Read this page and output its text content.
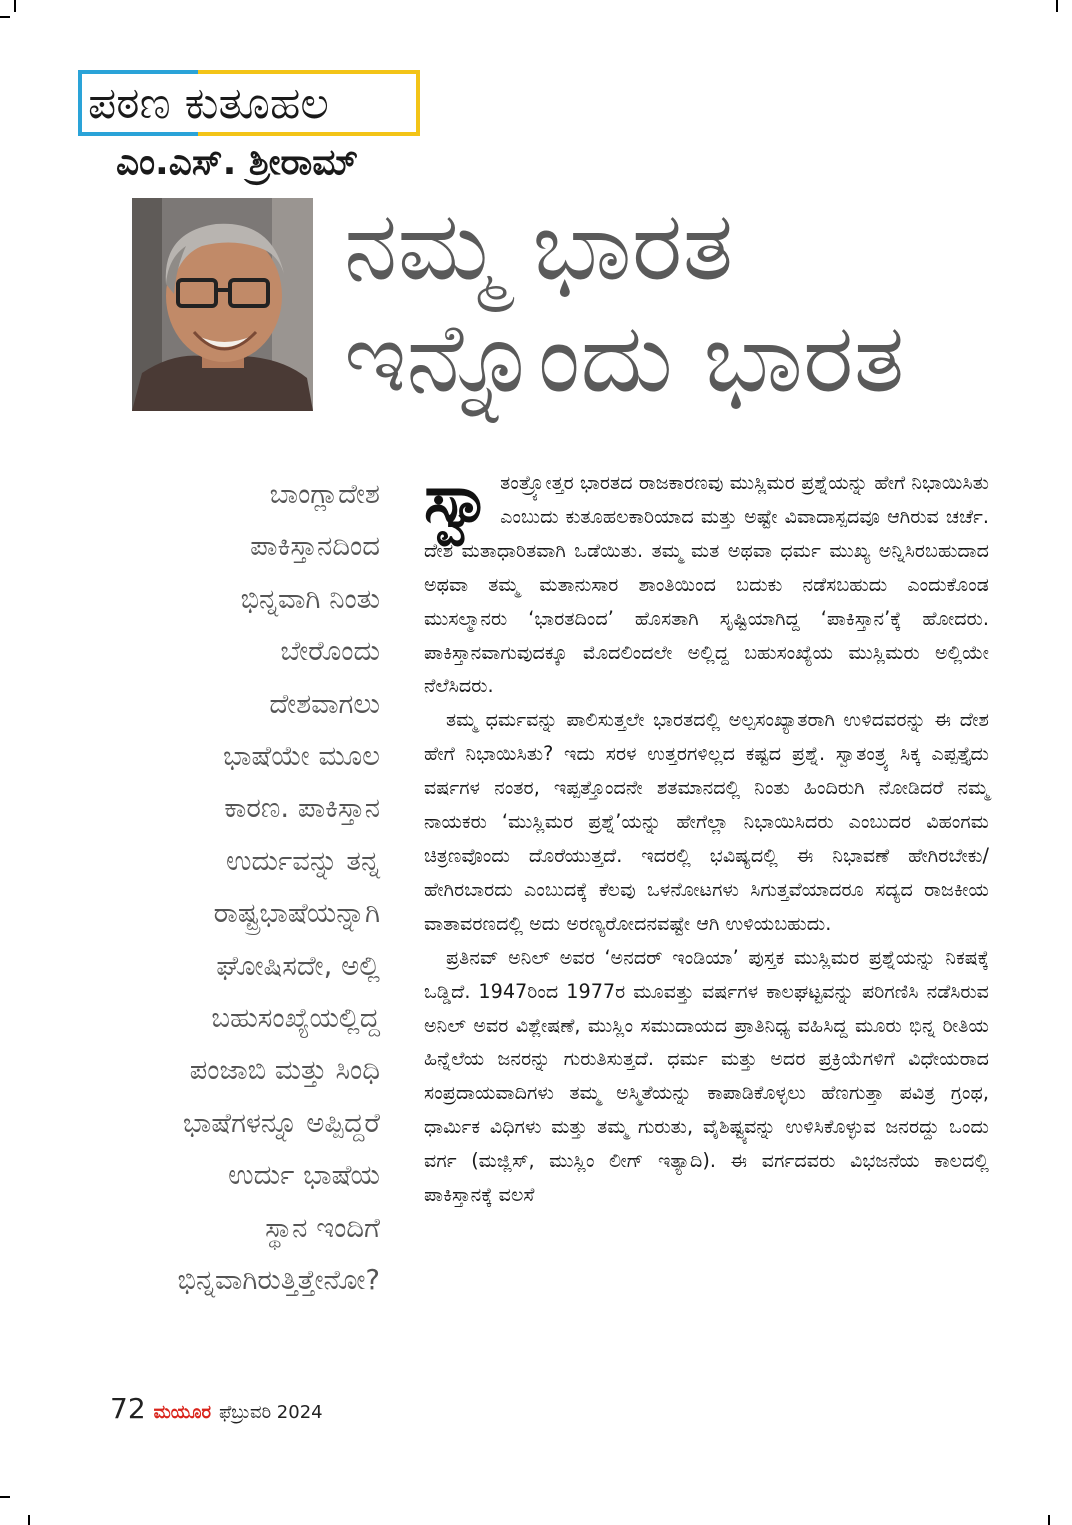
ಪಠಣ ಕುತೂಹಲ
ಎಂ.ಎಸ್. ಶ್ರೀರಾಮ್
ನಮ್ಮ ಭಾರತ
ಇನ್ನೊಂದು ಭಾರತ
ಬಾಂಗ್ಲಾದೇಶ
ಪಾಕಿಸ್ತಾನದಿಂದ
ಭಿನ್ನವಾಗಿ ನಿಂತು
ಬೇರೊಂದು
ದೇಶವಾಗಲು
ಭಾಷೆಯೇ ಮೂಲ
ಕಾರಣ. ಪಾಕಿಸ್ತಾನ
ಉರ್ದುವನ್ನು ತನ್ನ
ರಾಷ್ಟ್ರಭಾಷೆಯನ್ನಾಗಿ
ಘೋಷಿಸದೇ, ಅಲ್ಲಿ
ಬಹುಸಂಖ್ಯೆಯಲ್ಲಿದ್ದ
ಪಂಜಾಬಿ ಮತ್ತು ಸಿಂಧಿ
ಭಾಷೆಗಳನ್ನೂ ಅಪ್ಪಿದ್ದರೆ
ಉರ್ದು ಭಾಷೆಯ
ಸ್ಥಾನ ಇಂದಿಗೆ
ಭಿನ್ನವಾಗಿರುತ್ತಿತ್ತೇನೋ?

ಸ್ವಾ ತಂತ್ರ್ಯೋತ್ತರ ಭಾರತದ ರಾಜಕಾರಣವು ಮುಸ್ಲಿಮರ ಪ್ರಶ್ನೆಯನ್ನು ಹೇಗೆ ನಿಭಾಯಿಸಿತು ಎಂಬುದು ಕುತೂಹಲಕಾರಿಯಾದ ಮತ್ತು ಅಷ್ಟೇ ವಿವಾದಾಸ್ಪದವೂ ಆಗಿರುವ ಚರ್ಚೆ. ದೇಶ ಮತಾಧಾರಿತವಾಗಿ ಒಡೆಯಿತು. ತಮ್ಮ ಮತ ಅಥವಾ ಧರ್ಮ ಮುಖ್ಯ ಅನ್ನಿಸಿರಬಹುದಾದ ಅಥವಾ ತಮ್ಮ ಮತಾನುಸಾರ ಶಾಂತಿಯಿಂದ ಬದುಕು ನಡೆಸಬಹುದು ಎಂದುಕೊಂಡ ಮುಸಲ್ಮಾನರು ‘ಭಾರತದಿಂದ’ ಹೊಸತಾಗಿ ಸೃಷ್ಟಿಯಾಗಿದ್ದ ‘ಪಾಕಿಸ್ತಾನ’ಕ್ಕೆ ಹೋದರು. ಪಾಕಿಸ್ತಾನವಾಗುವುದಕ್ಕೂ ಮೊದಲಿಂದಲೇ ಅಲ್ಲಿದ್ದ ಬಹುಸಂಖ್ಯೆಯ ಮುಸ್ಲಿಮರು ಅಲ್ಲಿಯೇ ನೆಲೆಸಿದರು.

ತಮ್ಮ ಧರ್ಮವನ್ನು ಪಾಲಿಸುತ್ತಲೇ ಭಾರತದಲ್ಲಿ ಅಲ್ಪಸಂಖ್ಯಾತರಾಗಿ ಉಳಿದವರನ್ನು ಈ ದೇಶ ಹೇಗೆ ನಿಭಾಯಿಸಿತು? ಇದು ಸರಳ ಉತ್ತರಗಳಿಲ್ಲದ ಕಷ್ಟದ ಪ್ರಶ್ನೆ. ಸ್ವಾತಂತ್ರ್ಯ ಸಿಕ್ಕ ಎಪ್ಪತ್ತೈದು ವರ್ಷಗಳ ನಂತರ, ಇಪ್ಪತ್ತೊಂದನೇ ಶತಮಾನದಲ್ಲಿ ನಿಂತು ಹಿಂದಿರುಗಿ ನೋಡಿದರೆ ನಮ್ಮ ನಾಯಕರು ‘ಮುಸ್ಲಿಮರ ಪ್ರಶ್ನೆ’ಯನ್ನು ಹೇಗೆಲ್ಲಾ ನಿಭಾಯಿಸಿದರು ಎಂಬುದರ ವಿಹಂಗಮ ಚಿತ್ರಣವೊಂದು ದೊರೆಯುತ್ತದೆ. ಇದರಲ್ಲಿ ಭವಿಷ್ಯದಲ್ಲಿ ಈ ನಿಭಾವಣೆ ಹೇಗಿರಬೇಕು/ಹೇಗಿರಬಾರದು ಎಂಬುದಕ್ಕೆ ಕೆಲವು ಒಳನೋಟಗಳು ಸಿಗುತ್ತವೆಯಾದರೂ ಸದ್ಯದ ರಾಜಕೀಯ ವಾತಾವರಣದಲ್ಲಿ ಅದು ಅರಣ್ಯರೋದನವಷ್ಟೇ ಆಗಿ ಉಳಿಯಬಹುದು.

ಪ್ರತಿನವ್ ಅನಿಲ್ ಅವರ ‘ಅನದರ್ ಇಂಡಿಯಾ’ ಪುಸ್ತಕ ಮುಸ್ಲಿಮರ ಪ್ರಶ್ನೆಯನ್ನು ನಿಕಷಕ್ಕೆ ಒಡ್ಡಿದೆ. 1947ರಿಂದ 1977ರ ಮೂವತ್ತು ವರ್ಷಗಳ ಕಾಲಘಟ್ಟವನ್ನು ಪರಿಗಣಿಸಿ ನಡೆಸಿರುವ ಅನಿಲ್ ಅವರ ವಿಶ್ಲೇಷಣೆ, ಮುಸ್ಲಿಂ ಸಮುದಾಯದ ಪ್ರಾತಿನಿಧ್ಯ ವಹಿಸಿದ್ದ ಮೂರು ಭಿನ್ನ ರೀತಿಯ ಹಿನ್ನೆಲೆಯ ಜನರನ್ನು ಗುರುತಿಸುತ್ತದೆ. ಧರ್ಮ ಮತ್ತು ಅದರ ಪ್ರಕ್ರಿಯೆಗಳಿಗೆ ವಿಧೇಯರಾದ ಸಂಪ್ರದಾಯವಾದಿಗಳು ತಮ್ಮ ಅಸ್ಮಿತೆಯನ್ನು ಕಾಪಾಡಿಕೊಳ್ಳಲು ಹೆಣಗುತ್ತಾ ಪವಿತ್ರ ಗ್ರಂಥ, ಧಾರ್ಮಿಕ ವಿಧಿಗಳು ಮತ್ತು ತಮ್ಮ ಗುರುತು, ವೈಶಿಷ್ಟ್ಯವನ್ನು ಉಳಿಸಿಕೊಳ್ಳುವ ಜನರದ್ದು ಒಂದು ವರ್ಗ (ಮಜ್ಲಿಸ್, ಮುಸ್ಲಿಂ ಲೀಗ್ ಇತ್ಯಾದಿ). ಈ ವರ್ಗದವರು ವಿಭಜನೆಯ ಕಾಲದಲ್ಲಿ ಪಾಕಿಸ್ತಾನಕ್ಕೆ ವಲಸೆ

72 ಮಯೂರ ಫೆಬ್ರುವರಿ 2024
